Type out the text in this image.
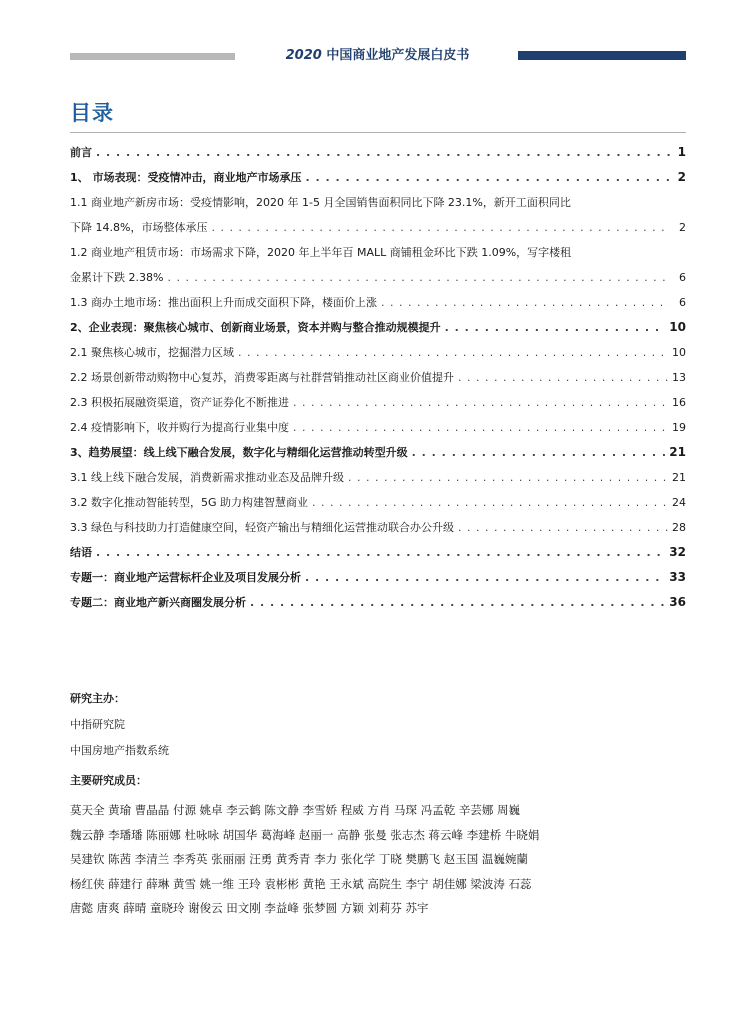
2020 中国商业地产发展白皮书
目录
前言 . . .	1
1、 市场表现：受疫情冲击，商业地产市场承压 . . .	2
1.1 商业地产新房市场：受疫情影响，2020 年 1-5 月全国销售面积同比下降 23.1%，新开工面积同比
下降 14.8%，市场整体承压 . . .	2
1.2 商业地产租赁市场：市场需求下降，2020 年上半年百 MALL 商铺租金环比下跌 1.09%，写字楼租
金累计下跌 2.38% . . .	6
1.3 商办土地市场：推出面积上升而成交面积下降，楼面价上涨 . . .	6
2、企业表现：聚焦核心城市、创新商业场景，资本并购与整合推动规模提升 . . .	10
2.1 聚焦核心城市，挖掘潜力区域 . . .	10
2.2 场景创新带动购物中心复苏，消费零距离与社群营销推动社区商业价值提升 . . .	13
2.3 积极拓展融资渠道，资产证券化不断推进 . . .	16
2.4 疫情影响下，收并购行为提高行业集中度 . . .	19
3、趋势展望：线上线下融合发展，数字化与精细化运营推动转型升级 . . .	21
3.1 线上线下融合发展，消费新需求推动业态及品牌升级 . . .	21
3.2 数字化推动智能转型，5G 助力构建智慧商业 . . .	24
3.3 绿色与科技助力打造健康空间，轻资产输出与精细化运营推动联合办公升级 . . .	28
结语 . . .	32
专题一：商业地产运营标杆企业及项目发展分析 . . .	33
专题二：商业地产新兴商圈发展分析 . . .	36
研究主办：
中指研究院
中国房地产指数系统
主要研究成员：
莫天全 黄瑜 曹晶晶 付源 姚卓 李云鹤 陈文静 李雪娇 程威 方肖 马琛 冯孟乾 辛芸娜 周巍
魏云静 李璠璠 陈丽娜 杜咏咏 胡国华 葛海峰 赵丽一 高静 张曼 张志杰 蒋云峰 李建桥 牛晓娟
吴建钦 陈茜 李清兰 李秀英 张丽丽 汪勇 黄秀青 李力 张化学 丁晓 樊鹏飞 赵玉国 温巍婉蘭
杨红侠 薛建行 薛琳 黄雪 姚一维 王玲 袁彬彬 黄艳 王永斌 高院生 李宁 胡佳娜 梁波涛 石蕊
唐懿 唐爽 薛晴 童晓玲 谢俊云 田文刚 李益峰 张梦圆 方颖 刘莉芬 苏宇
